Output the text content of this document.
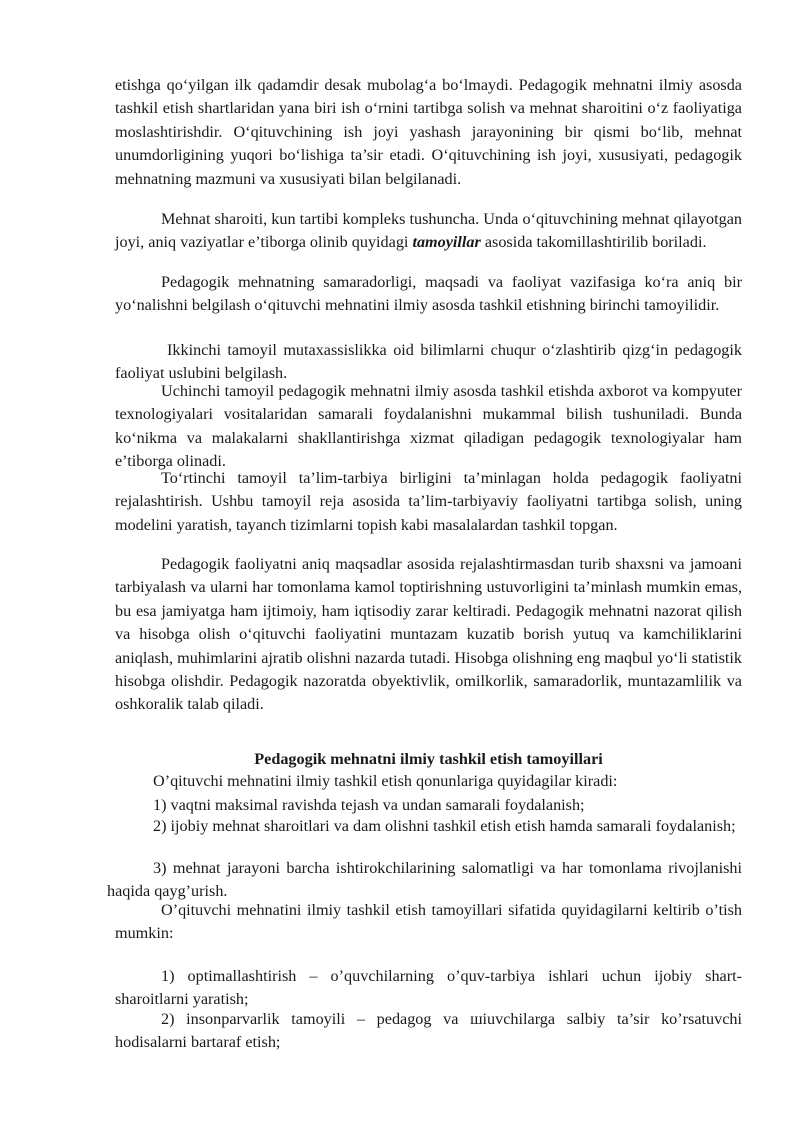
etishga qo‘yilgan ilk qadamdir desak mubolag‘a bo‘lmaydi. Pedagogik mehnatni ilmiy asosda tashkil etish shartlaridan yana biri ish o‘rnini tartibga solish va mehnat sharoitini o‘z faoliyatiga moslashtirishdir. O‘qituvchining ish joyi yashash jarayonining bir qismi bo‘lib, mehnat unumdorligining yuqori bo‘lishiga ta’sir etadi. O‘qituvchining ish joyi, xususiyati, pedagogik mehnatning mazmuni va xususiyati bilan belgilanadi.

Mehnat sharoiti, kun tartibi kompleks tushuncha. Unda o‘qituvchining mehnat qilayotgan joyi, aniq vaziyatlar e’tiborga olinib quyidagi tamoyillar asosida takomillashtirilib boriladi.

Pedagogik mehnatning samaradorligi, maqsadi va faoliyat vazifasiga ko‘ra aniq bir yo‘nalishni belgilash o‘qituvchi mehnatini ilmiy asosda tashkil etishning birinchi tamoyilidir.

Ikkinchi tamoyil mutaxassislikka oid bilimlarni chuqur o‘zlashtirib qizg‘in pedagogik faoliyat uslubini belgilash.

Uchinchi tamoyil pedagogik mehnatni ilmiy asosda tashkil etishda axborot va kompyuter texnologiyalari vositalaridan samarali foydalanishni mukammal bilish tushuniladi. Bunda ko‘nikma va malakalarni shakllantirishga xizmat qiladigan pedagogik texnologiyalar ham e’tiborga olinadi.

To‘rtinchi tamoyil ta’lim-tarbiya birligini ta’minlagan holda pedagogik faoliyatni rejalashtirish. Ushbu tamoyil reja asosida ta’lim-tarbiyaviy faoliyatni tartibga solish, uning modelini yaratish, tayanch tizimlarni topish kabi masalalardan tashkil topgan.

Pedagogik faoliyatni aniq maqsadlar asosida rejalashtirmasdan turib shaxsni va jamoani tarbiyalash va ularni har tomonlama kamol toptirishning ustuvorligini ta’minlash mumkin emas, bu esa jamiyatga ham ijtimoiy, ham iqtisodiy zarar keltiradi. Pedagogik mehnatni nazorat qilish va hisobga olish o‘qituvchi faoliyatini muntazam kuzatib borish yutuq va kamchiliklarini aniqlash, muhimlarini ajratib olishni nazarda tutadi. Hisobga olishning eng maqbul yo‘li statistik hisobga olishdir. Pedagogik nazoratda obyektivlik, omilkorlik, samaradorlik, muntazamlilik va oshkoralik talab qiladi.

Pedagogik mehnatni ilmiy tashkil etish tamoyillari

O’qituvchi mehnatini ilmiy tashkil etish qonunlariga quyidagilar kiradi:

1) vaqtni maksimal ravishda tejash va undan samarali foydalanish;

2) ijobiy mehnat sharoitlari va dam olishni tashkil etish etish hamda samarali foydalanish;

3) mehnat jarayoni barcha ishtirokchilarining salomatligi va har tomonlama rivojlanishi haqida qayg’urish.

O’qituvchi mehnatini ilmiy tashkil etish tamoyillari sifatida quyidagilarni keltirib o’tish mumkin:

1) optimallashtirish – o’quvchilarning o’quv-tarbiya ishlari uchun ijobiy shart-sharoitlarni yaratish;

2) insonparvarlik tamoyili – pedagog va шiuvchilarga salbiy ta’sir ko’rsatuvchi hodisalarni bartaraf etish;
